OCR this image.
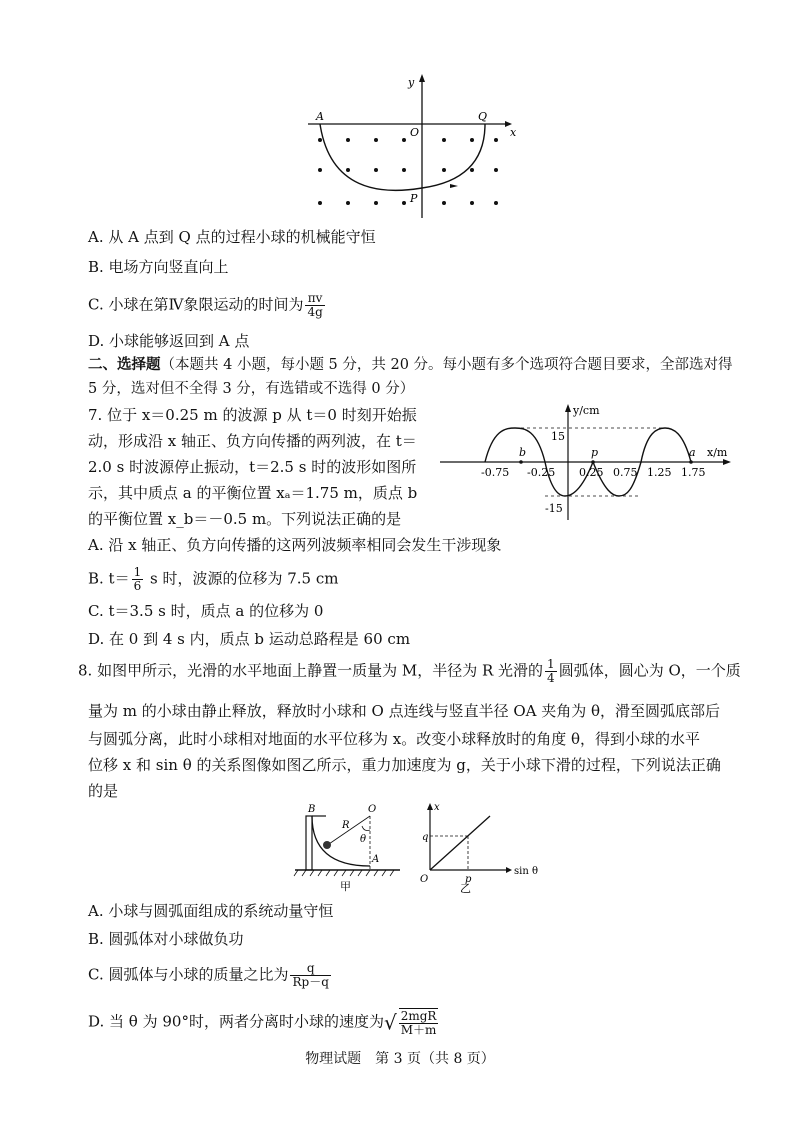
y
x
A
O
Q
P
A. 从 A 点到 Q 点的过程小球的机械能守恒
B. 电场方向竖直向上
C. 小球在第Ⅳ象限运动的时间为 $\frac{\pi v}{4g}$
D. 小球能够返回到 A 点
二、选择题（本题共 4 小题，每小题 5 分，共 20 分。每小题有多个选项符合题目要求，全部选对得
5 分，选对但不全得 3 分，有选错或不选得 0 分）
7. 位于 x＝0.25 m 的波源 p 从 t＝0 时刻开始振
动，形成沿 x 轴正、负方向传播的两列波，在 t＝
2.0 s 时波源停止振动，t＝2.5 s 时的波形如图所
示，其中质点 a 的平衡位置 xₐ＝1.75 m，质点 b
的平衡位置 x_b＝－0.5 m。下列说法正确的是
y/cm
x/m
15
-15
-0.75 -0.25 0.25 0.75 1.25 1.75
b	p	a
A. 沿 x 轴正、负方向传播的这两列波频率相同会发生干涉现象
B. $t= \frac{1}{6}$ s 时，波源的位移为 7.5 cm
C. t＝3.5 s 时，质点 a 的位移为 0
D. 在 0 到 4 s 内，质点 b 运动总路程是 60 cm
8. 如图甲所示，光滑的水平地面上静置一质量为 M，半径为 R 光滑的 $\frac{1}{4}$ 圆弧体，圆心为 O，一个质
量为 m 的小球由静止释放，释放时小球和 O 点连线与竖直半径 OA 夹角为 θ，滑至圆弧底部后
与圆弧分离，此时小球相对地面的水平位移为 x。改变小球释放时的角度 θ，得到小球的水平
位移 x 和 sin θ 的关系图像如图乙所示，重力加速度为 g，关于小球下滑的过程，下列说法正确
的是
B	O
R
θ
A
甲
x
q
O	p
sin θ
乙
A. 小球与圆弧面组成的系统动量守恒
B. 圆弧体对小球做负功
C. 圆弧体与小球的质量之比为 $\frac{q}{Rp-q}$
D. 当 θ 为 90°时，两者分离时小球的速度为√ $\frac{\text{2mgR}}{M+m}$
物理试题　第 3 页（共 8 页）
